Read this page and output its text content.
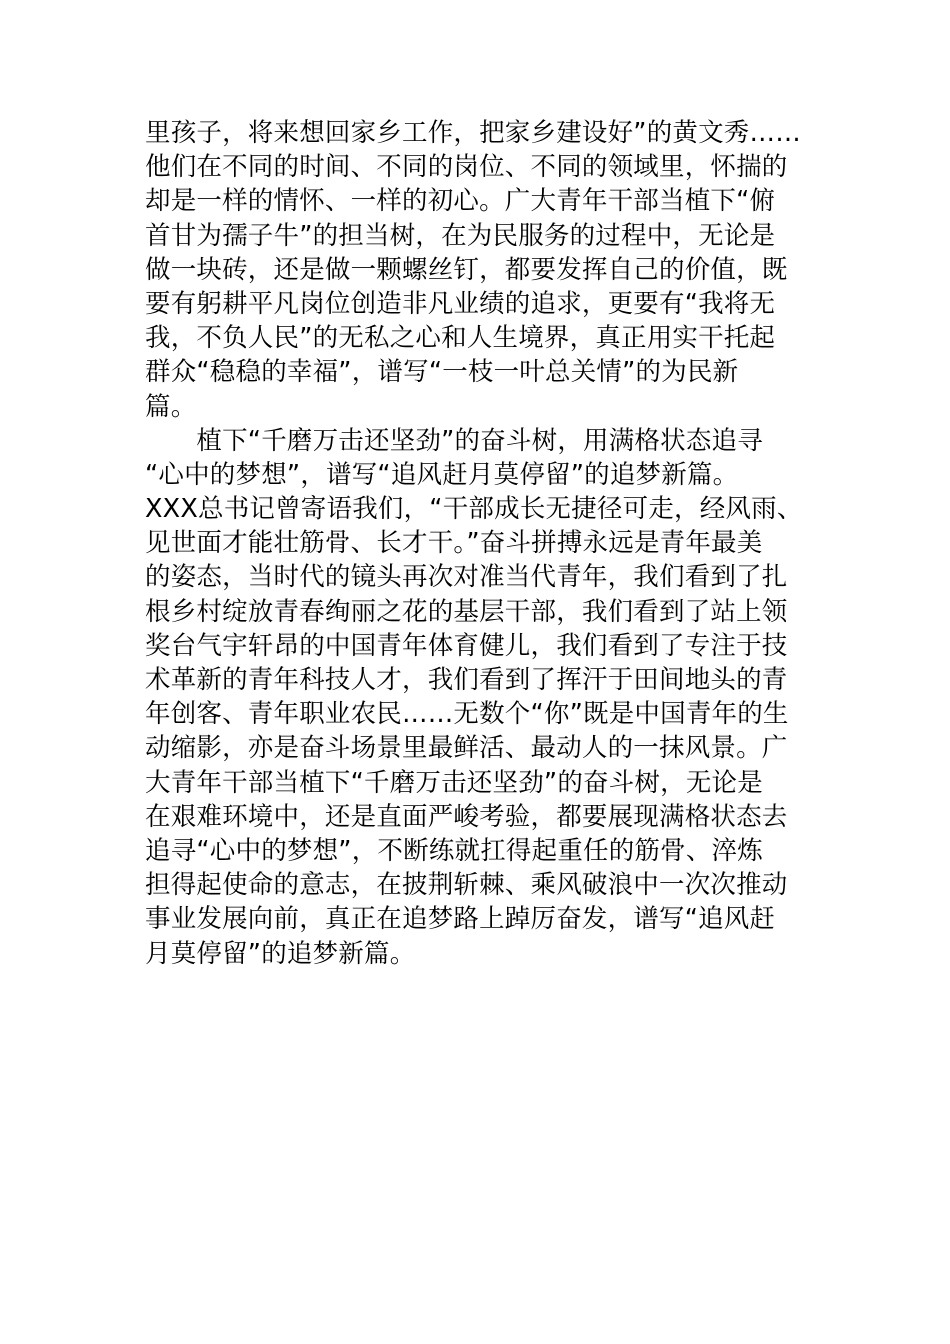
里孩子，将来想回家乡工作，把家乡建设好”的黄文秀……
他们在不同的时间、不同的岗位、不同的领域里，怀揣的
却是一样的情怀、一样的初心。广大青年干部当植下“俯
首甘为孺子牛”的担当树，在为民服务的过程中，无论是
做一块砖，还是做一颗螺丝钉，都要发挥自己的价值，既
要有躬耕平凡岗位创造非凡业绩的追求，更要有“我将无
我，不负人民”的无私之心和人生境界，真正用实干托起
群众“稳稳的幸福”，谱写“一枝一叶总关情”的为民新
篇。
　　植下“千磨万击还坚劲”的奋斗树，用满格状态追寻
“心中的梦想”，谱写“追风赶月莫停留”的追梦新篇。
XXX总书记曾寄语我们，“干部成长无捷径可走，经风雨、
见世面才能壮筋骨、长才干。”奋斗拼搏永远是青年最美
的姿态，当时代的镜头再次对准当代青年，我们看到了扎
根乡村绽放青春绚丽之花的基层干部，我们看到了站上领
奖台气宇轩昂的中国青年体育健儿，我们看到了专注于技
术革新的青年科技人才，我们看到了挥汗于田间地头的青
年创客、青年职业农民……无数个“你”既是中国青年的生
动缩影，亦是奋斗场景里最鲜活、最动人的一抹风景。广
大青年干部当植下“千磨万击还坚劲”的奋斗树，无论是
在艰难环境中，还是直面严峻考验，都要展现满格状态去
追寻“心中的梦想”，不断练就扛得起重任的筋骨、淬炼
担得起使命的意志，在披荆斩棘、乘风破浪中一次次推动
事业发展向前，真正在追梦路上踔厉奋发，谱写“追风赶
月莫停留”的追梦新篇。
